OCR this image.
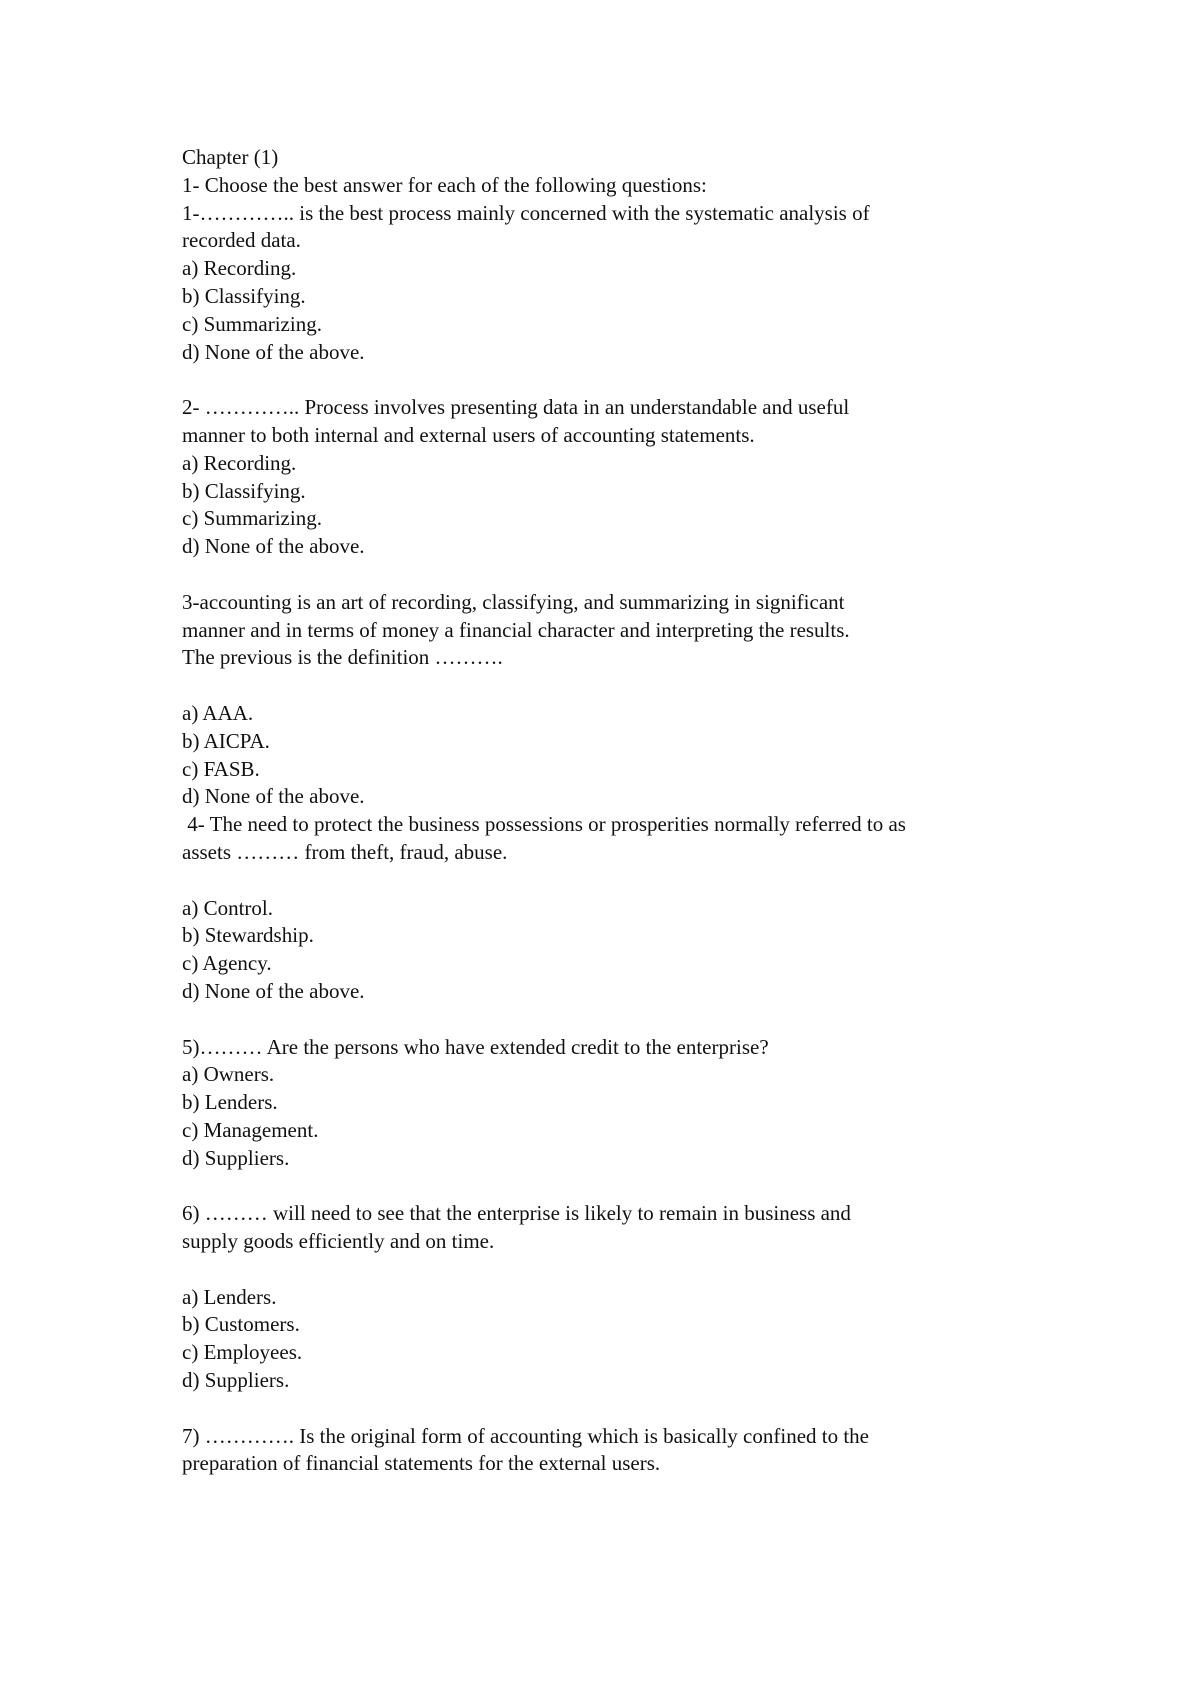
Chapter (1)

1- Choose the best answer for each of the following questions:

1-………….. is the best process mainly concerned with the systematic analysis of

recorded data.

a) Recording.
b) Classifying.
c) Summarizing.
d) None of the above.

2- ………….. Process involves presenting data in an understandable and useful

manner to both internal and external users of accounting statements.

a) Recording.
b) Classifying.
c) Summarizing.
d) None of the above.

3-accounting is an art of recording, classifying, and summarizing in significant

manner and in terms of money a financial character and interpreting the results.

The previous is the definition ……….

a) AAA.
b) AICPA.
c) FASB.
d) None of the above.

4- The need to protect the business possessions or prosperities normally referred to as

assets ……… from theft, fraud, abuse.

a) Control.
b) Stewardship.
c) Agency.
d) None of the above.

5)……… Are the persons who have extended credit to the enterprise?

a) Owners.
b) Lenders.
c) Management.
d) Suppliers.

6) ……… will need to see that the enterprise is likely to remain in business and

supply goods efficiently and on time.

a) Lenders.
b) Customers.
c) Employees.
d) Suppliers.

7) …………. Is the original form of accounting which is basically confined to the

preparation of financial statements for the external users.
